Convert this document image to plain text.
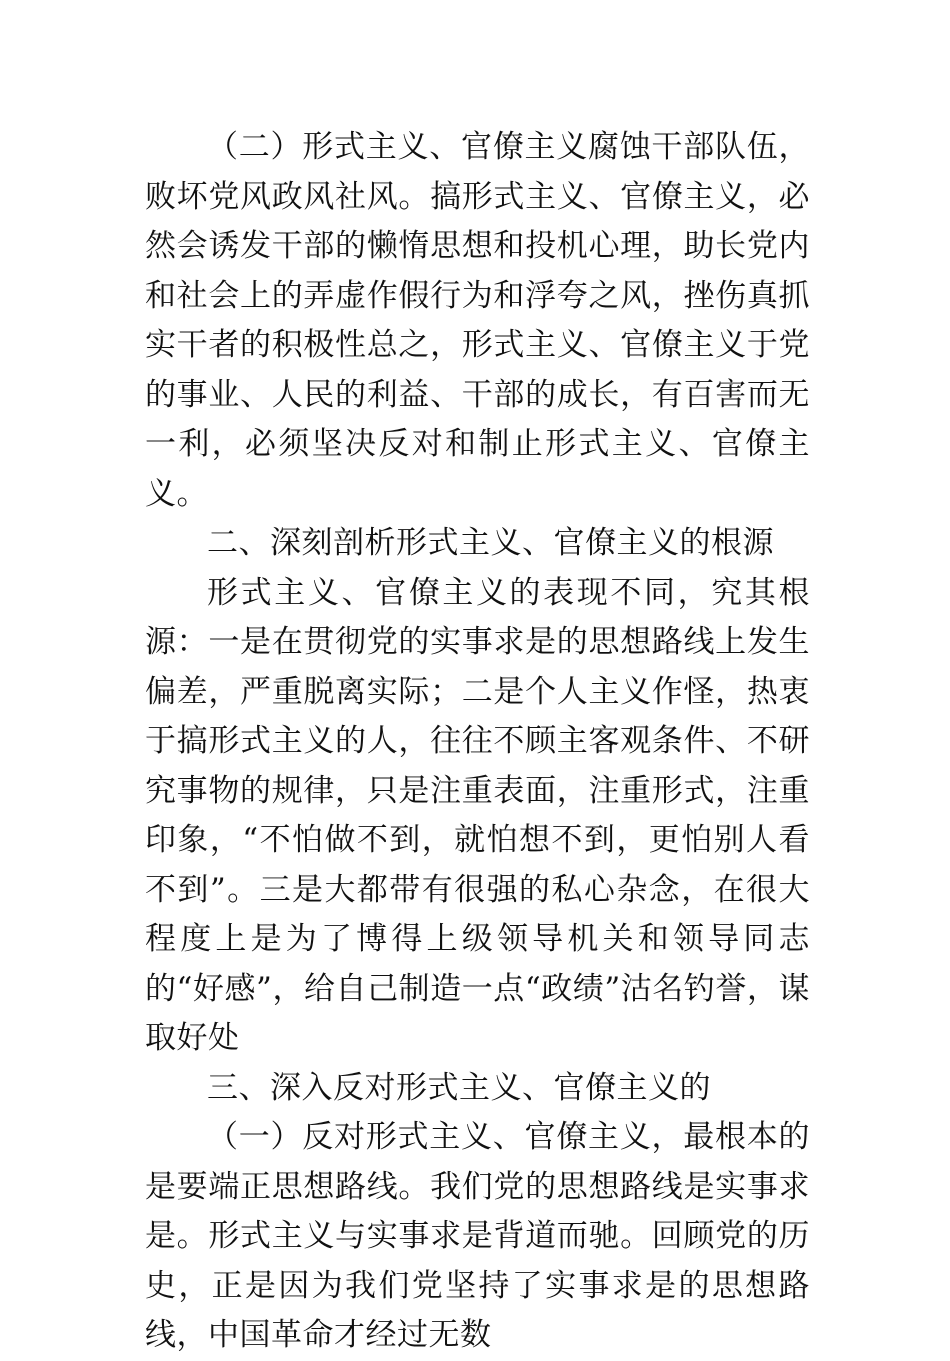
（二）形式主义、官僚主义腐蚀干部队伍，败坏党风政风社风。搞形式主义、官僚主义，必然会诱发干部的懒惰思想和投机心理，助长党内和社会上的弄虚作假行为和浮夸之风，挫伤真抓实干者的积极性总之，形式主义、官僚主义于党的事业、人民的利益、干部的成长，有百害而无一利，必须坚决反对和制止形式主义、官僚主义。

二、深刻剖析形式主义、官僚主义的根源

形式主义、官僚主义的表现不同，究其根源：一是在贯彻党的实事求是的思想路线上发生偏差，严重脱离实际；二是个人主义作怪，热衷于搞形式主义的人，往往不顾主客观条件、不研究事物的规律，只是注重表面，注重形式，注重印象，“不怕做不到，就怕想不到，更怕别人看不到”。三是大都带有很强的私心杂念，在很大程度上是为了博得上级领导机关和领导同志的“好感”，给自己制造一点“政绩”沽名钓誉，谋取好处

三、深入反对形式主义、官僚主义的

（一）反对形式主义、官僚主义，最根本的是要端正思想路线。我们党的思想路线是实事求是。形式主义与实事求是背道而驰。回顾党的历史，正是因为我们党坚持了实事求是的思想路线，中国革命才经过无数
